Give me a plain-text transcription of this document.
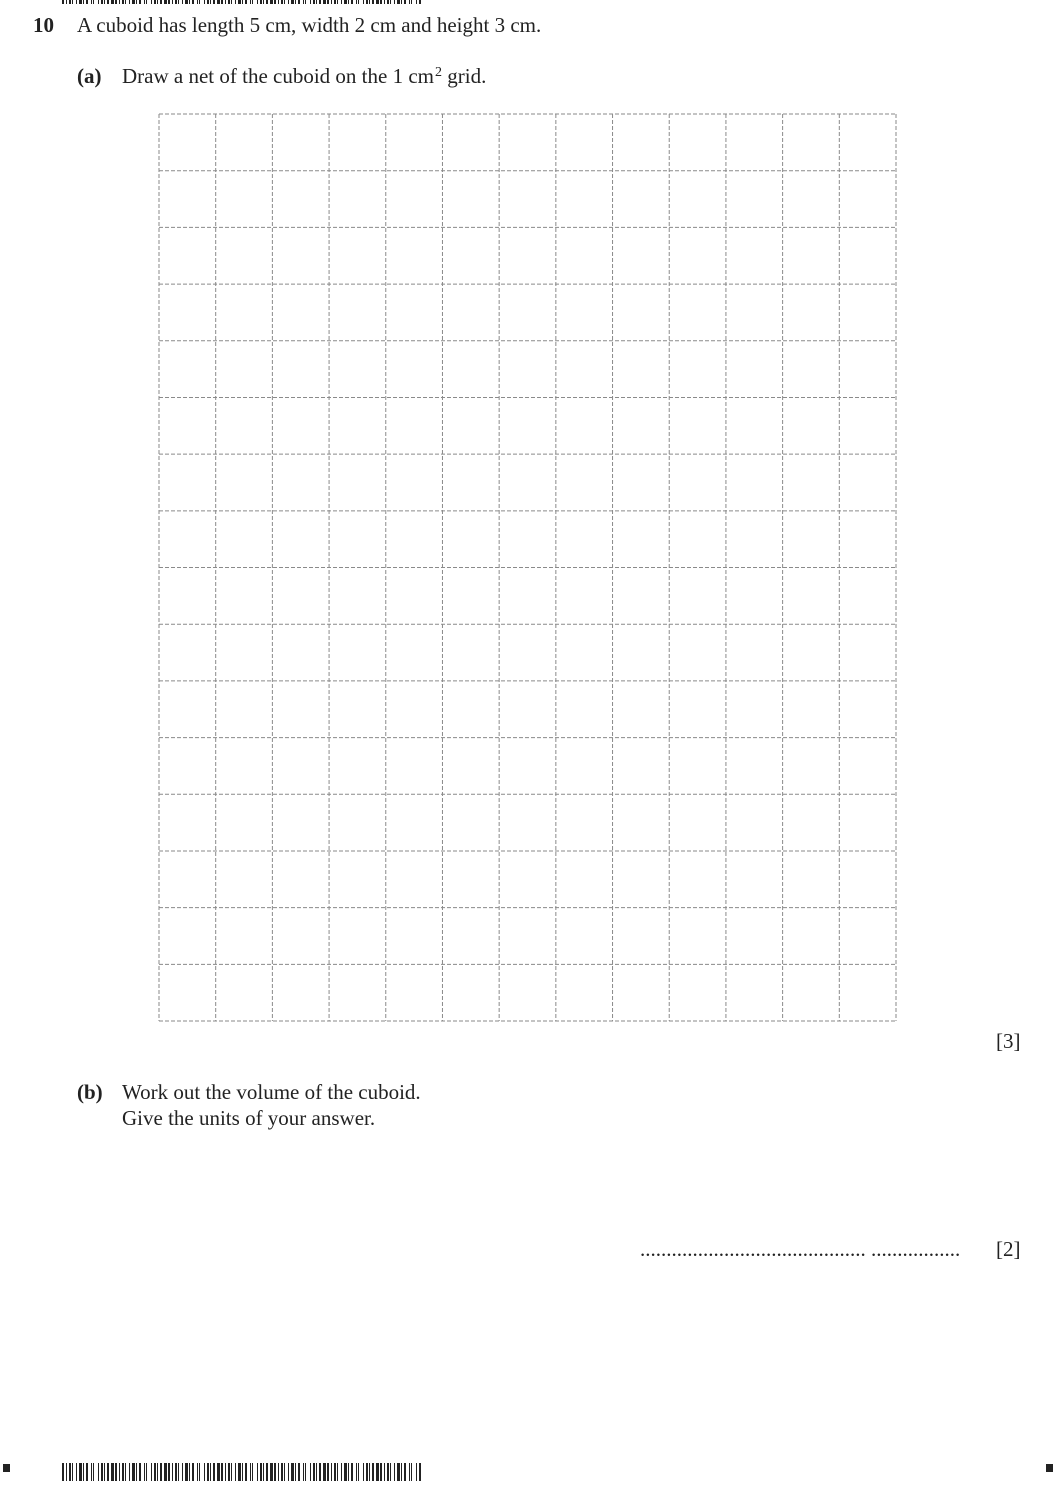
10 A cuboid has length 5 cm, width 2 cm and height 3 cm.
(a) Draw a net of the cuboid on the 1 $cm^2$ grid.
[3]
(b) Work out the volume of the cuboid.
Give the units of your answer.
........................................... ................. [2]
